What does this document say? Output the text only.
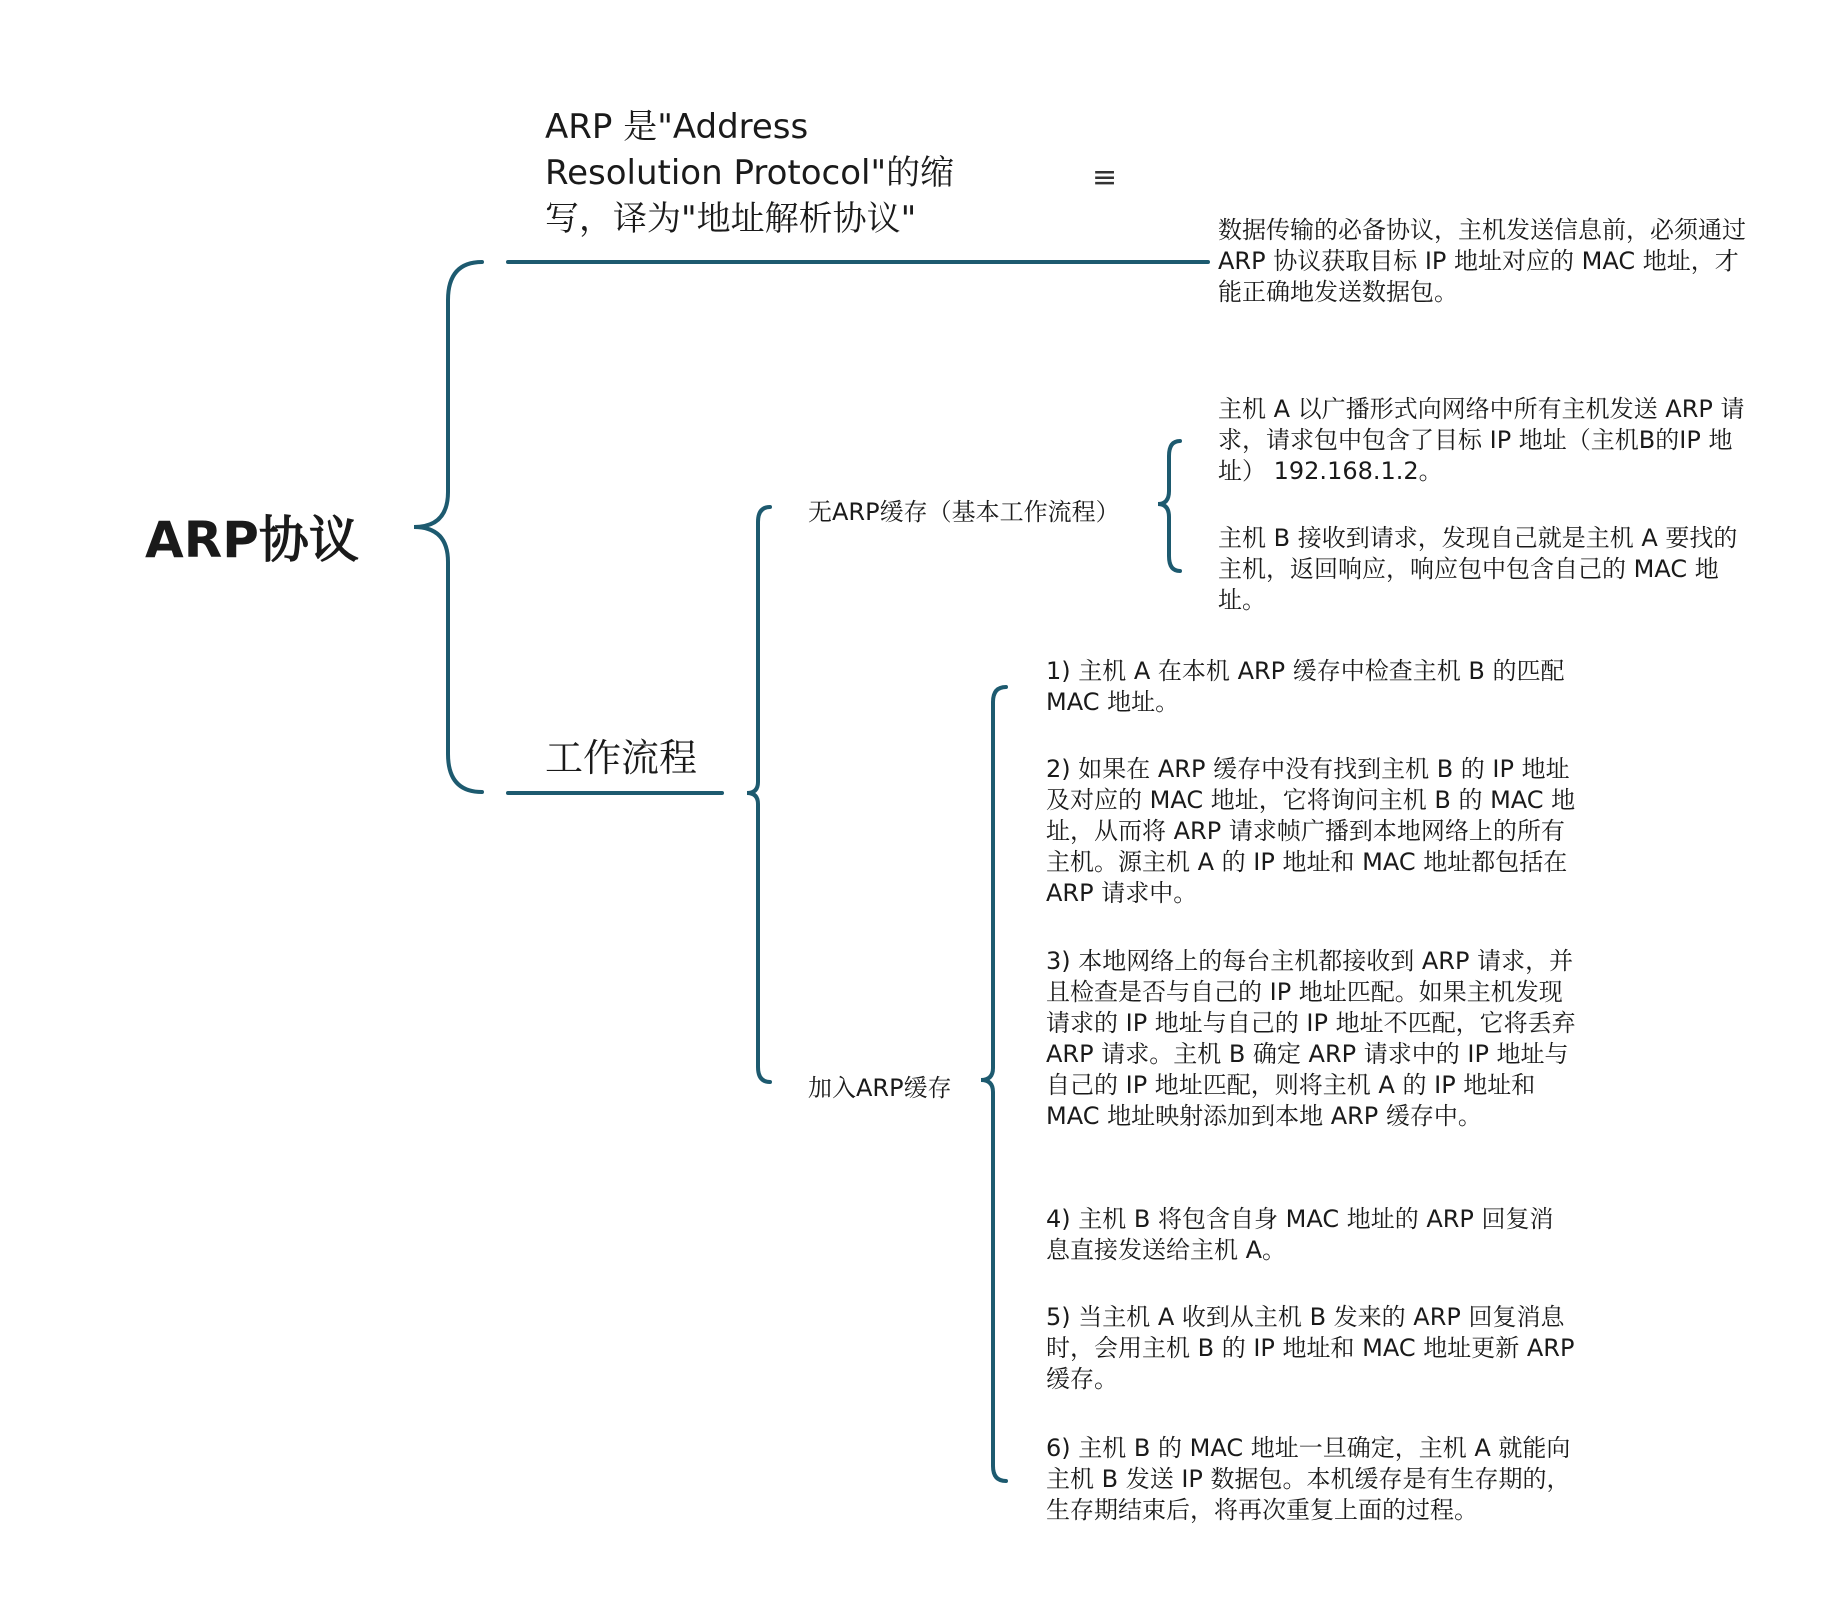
ARP协议
ARP 是"Address Resolution Protocol"的缩写，译为"地址解析协议"
≡
数据传输的必备协议，主机发送信息前，必须通过 ARP 协议获取目标 IP 地址对应的 MAC 地址，才能正确地发送数据包。
工作流程
无ARP缓存（基本工作流程）
主机 A 以广播形式向网络中所有主机发送 ARP 请求，请求包中包含了目标 IP 地址（主机B的IP 地址） 192.168.1.2。
主机 B 接收到请求，发现自己就是主机 A 要找的主机，返回响应，响应包中包含自己的 MAC 地址。
加入ARP缓存
1) 主机 A 在本机 ARP 缓存中检查主机 B 的匹配 MAC 地址。
2) 如果在 ARP 缓存中没有找到主机 B 的 IP 地址及对应的 MAC 地址，它将询问主机 B 的 MAC 地址，从而将 ARP 请求帧广播到本地网络上的所有主机。源主机 A 的 IP 地址和 MAC 地址都包括在 ARP 请求中。
3) 本地网络上的每台主机都接收到 ARP 请求，并且检查是否与自己的 IP 地址匹配。如果主机发现请求的 IP 地址与自己的 IP 地址不匹配，它将丢弃 ARP 请求。主机 B 确定 ARP 请求中的 IP 地址与自己的 IP 地址匹配，则将主机 A 的 IP 地址和 MAC 地址映射添加到本地 ARP 缓存中。
4) 主机 B 将包含自身 MAC 地址的 ARP 回复消息直接发送给主机 A。
5) 当主机 A 收到从主机 B 发来的 ARP 回复消息时，会用主机 B 的 IP 地址和 MAC 地址更新 ARP 缓存。
6) 主机 B 的 MAC 地址一旦确定，主机 A 就能向主机 B 发送 IP 数据包。本机缓存是有生存期的，生存期结束后，将再次重复上面的过程。
